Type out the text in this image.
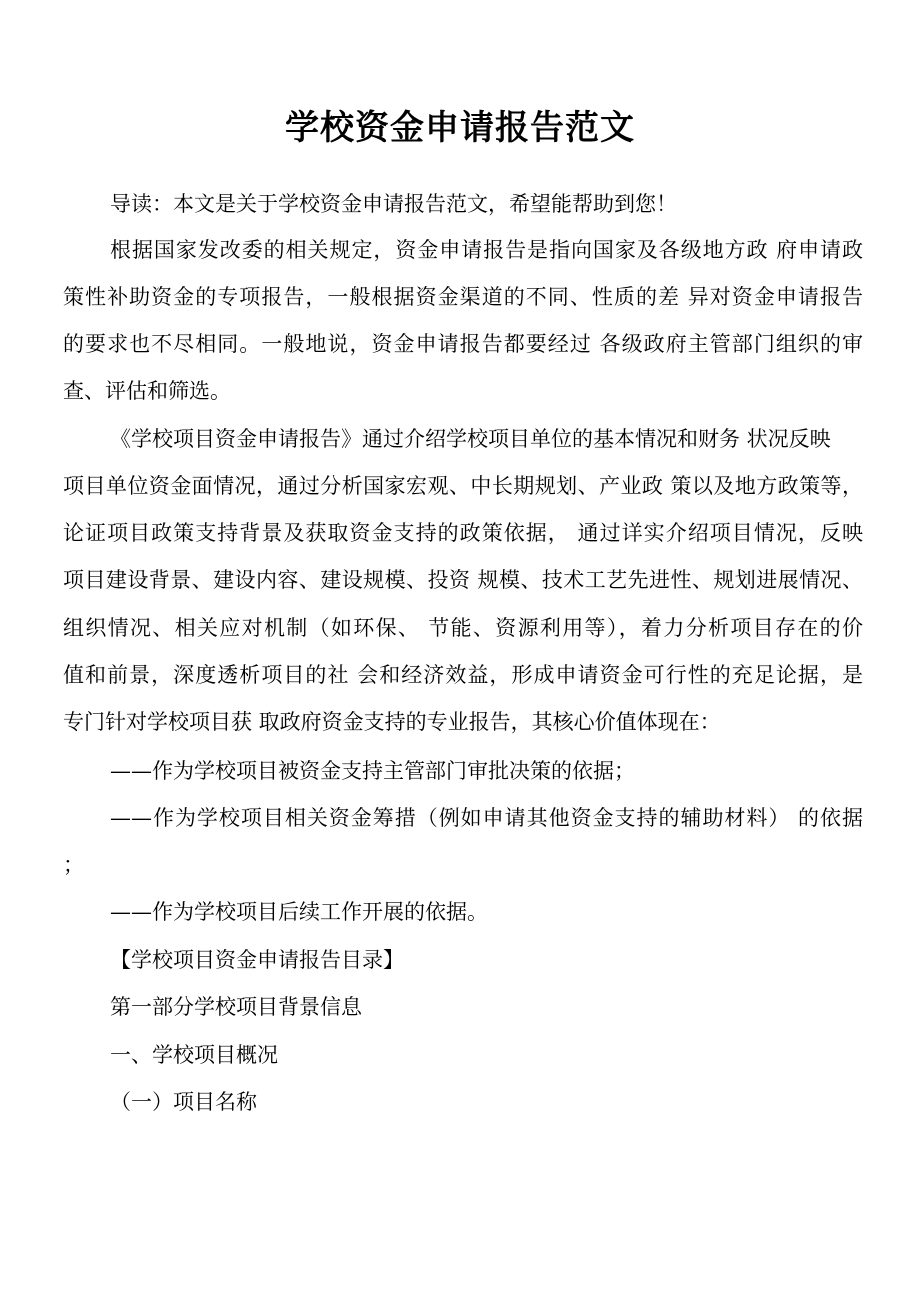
学校资金申请报告范文

导读：本文是关于学校资金申请报告范文，希望能帮助到您！

根据国家发改委的相关规定，资金申请报告是指向国家及各级地方政 府申请政

策性补助资金的专项报告，一般根据资金渠道的不同、性质的差 异对资金申请报告

的要求也不尽相同。一般地说，资金申请报告都要经过 各级政府主管部门组织的审

查、评估和筛选。

《学校项目资金申请报告》通过介绍学校项目单位的基本情况和财务 状况反映

项目单位资金面情况，通过分析国家宏观、中长期规划、产业政 策以及地方政策等，

论证项目政策支持背景及获取资金支持的政策依据， 通过详实介绍项目情况，反映

项目建设背景、建设内容、建设规模、投资 规模、技术工艺先进性、规划进展情况、

组织情况、相关应对机制（如环保、 节能、资源利用等），着力分析项目存在的价

值和前景，深度透析项目的社 会和经济效益，形成申请资金可行性的充足论据，是

专门针对学校项目获 取政府资金支持的专业报告，其核心价值体现在：

——作为学校项目被资金支持主管部门审批决策的依据；

——作为学校项目相关资金筹措（例如申请其他资金支持的辅助材料） 的依据

；

——作为学校项目后续工作开展的依据。

【学校项目资金申请报告目录】

第一部分学校项目背景信息

一、学校项目概况

（一）项目名称
